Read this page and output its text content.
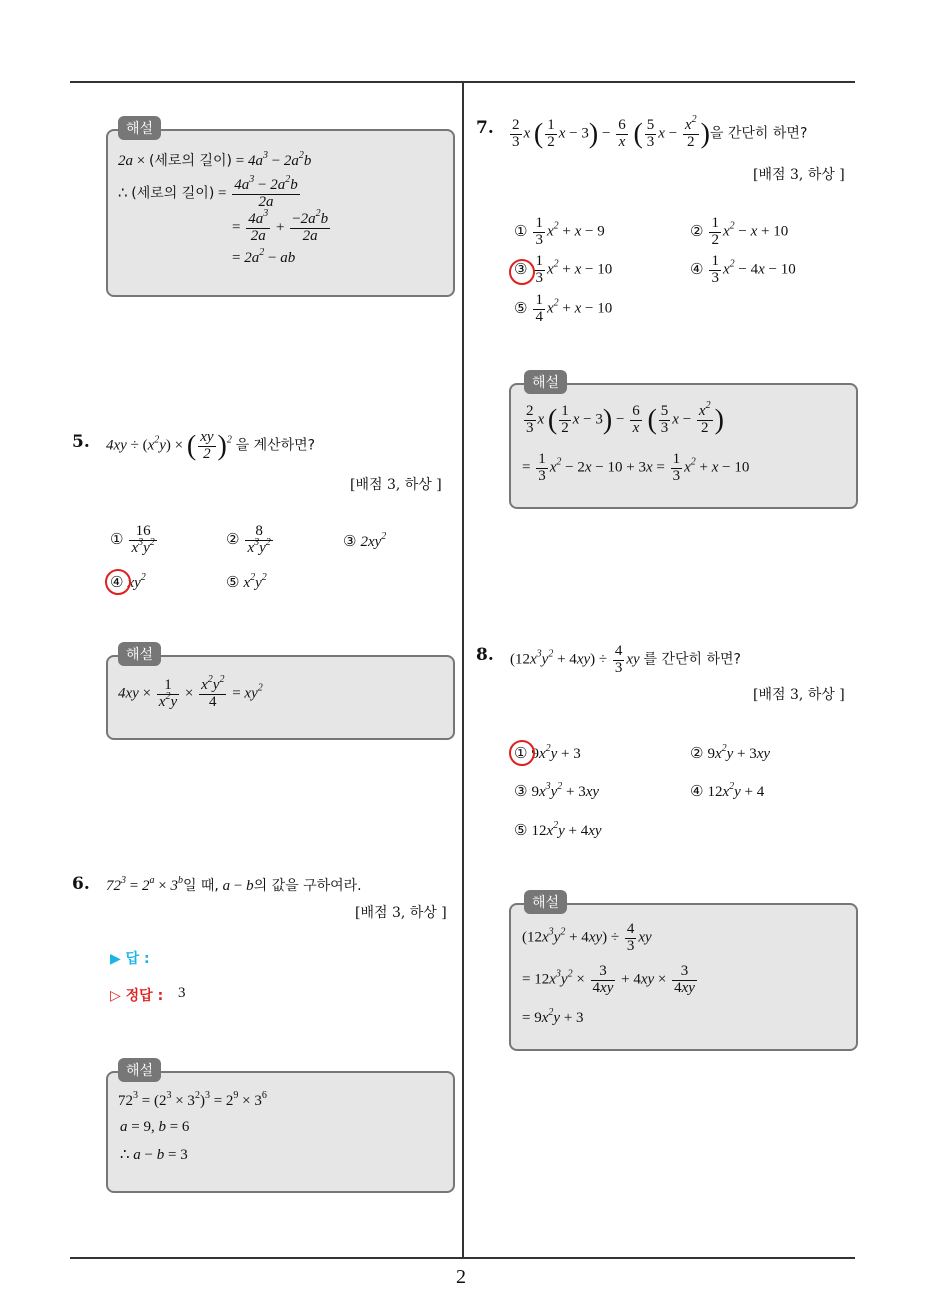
2
해설
2a × (세로의 길이) = $4a^3 - 2a^2b$
∴ (세로의 길이) = $\frac{4a^3 - 2a^2b}{2a}$
= $\frac{4a^3}{2a} + \frac{-2a^2b}{2a}$
= $2a^2$ − ab
5. $4xy \div (x^2y)$ × ( $\frac{xy}{2} )^2$ 을 계산하면?
[배점 3, 하상 ]
① $\frac{16}{x^3y^2}$	② $\frac{8}{x^3y^2}$	③ $2xy^2$
④ $xy^2$	⑤ $x^2y^2$
해설
$4xy \times \frac{1}{x^2y} \times \frac{x^2y^2}{4} = xy^2$
6. $72^3 = 2^a \times 3^b$일 때, a − b의 값을 구하여라.
[배점 3, 하상 ]
▶ 답 :
▷ 정답 : 3
해설
$72^3 = (2^3 \times 3^2)^3 = 2^9 \times 3^6$
a = 9, b = 6
∴ a − b = 3
7. $\frac{2}{3}$ x ( $\frac{1}{2}$ $x - 3) - \frac{6}{x}$ ( $\frac{5}{3}$ $x - \frac{x^2}{2}$ )을 간단히 하면?
[배점 3, 하상 ]
① $\frac{1}{3} x^2 + x - 9$	② $\frac{1}{2} x^2 - x + 10$
③ $\frac{1}{3} x^2 + x - 10$	④ $\frac{1}{3} x^2 - 4x - 10$
⑤ $\frac{1}{4} x^2 + x - 10$
해설
$\frac{2}{3}$ x ( $\frac{1}{2}$ $x - 3) - \frac{6}{x}$ ( $\frac{5}{3}$ $x - \frac{x^2}{2}$ )
= $\frac{1}{3} x^2 - 2x - 10 + 3x = \frac{1}{3} x^2 + x - 10$
8. $(12x^3y^2 + 4xy) \div \frac{4}{3}$ xy 를 간단히 하면?
[배점 3, 하상 ]
① $9x^2y + 3$	② $9x^2y + 3xy$
③ $9x^3y^2 + 3xy$	④ $12x^2y + 4$
⑤ $12x^2y + 4xy$
해설
$(12x^3y^2 + 4xy) \div \frac{4}{3}$ xy
= $12x^3y^2 \times \frac{3}{4xy} + 4xy \times \frac{3}{4xy}$
= $9x^2y + 3$
